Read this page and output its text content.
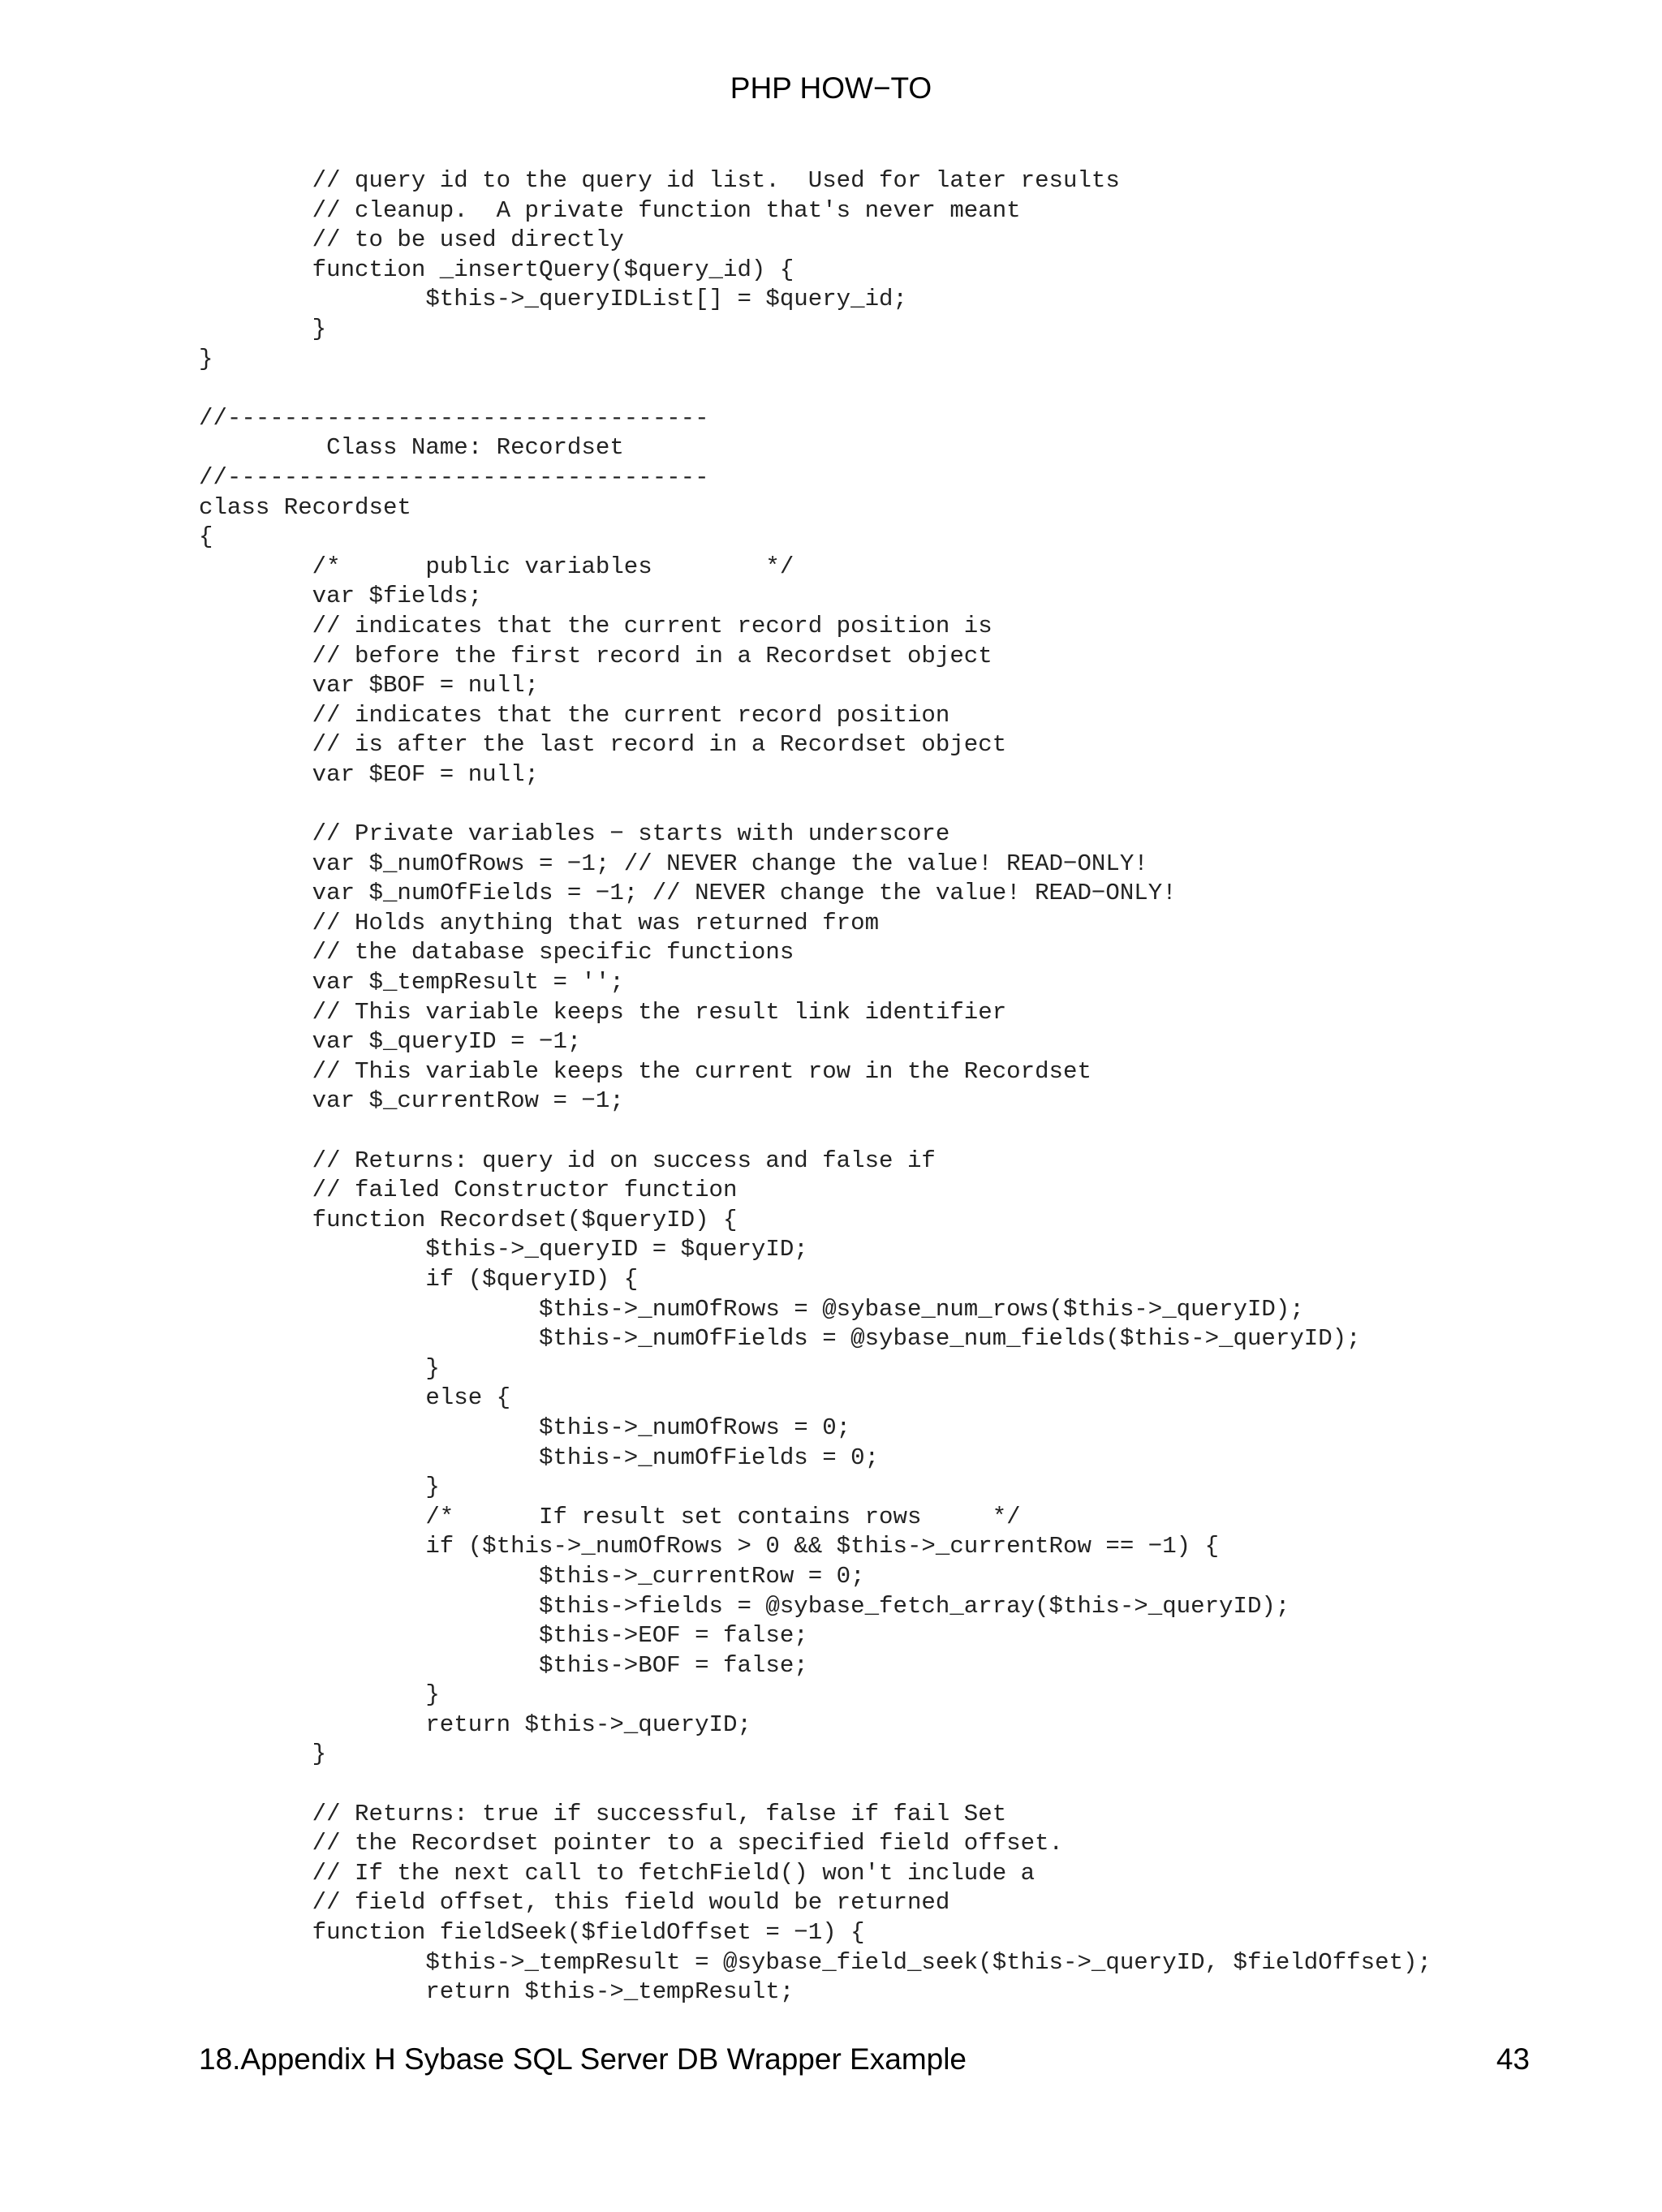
PHP HOW−TO
// query id to the query id list.  Used for later results
// cleanup.  A private function that's never meant
// to be used directly
function _insertQuery($query_id) {
$this->_queryIDList[] = $query_id;
}
}
//----------------------------------
Class Name: Recordset
//----------------------------------
class Recordset
{
/*      public variables        */
var $fields;
// indicates that the current record position is
// before the first record in a Recordset object
var $BOF = null;
// indicates that the current record position
// is after the last record in a Recordset object
var $EOF = null;
// Private variables − starts with underscore
var $_numOfRows = −1; // NEVER change the value! READ−ONLY!
var $_numOfFields = −1; // NEVER change the value! READ−ONLY!
// Holds anything that was returned from
// the database specific functions
var $_tempResult = '';
// This variable keeps the result link identifier
var $_queryID = −1;
// This variable keeps the current row in the Recordset
var $_currentRow = −1;
// Returns: query id on success and false if
// failed Constructor function
function Recordset($queryID) {
$this->_queryID = $queryID;
if ($queryID) {
$this->_numOfRows = @sybase_num_rows($this->_queryID);
$this->_numOfFields = @sybase_num_fields($this->_queryID);
}
else {
$this->_numOfRows = 0;
$this->_numOfFields = 0;
}
/*      If result set contains rows     */
if ($this->_numOfRows > 0 && $this->_currentRow == −1) {
$this->_currentRow = 0;
$this->fields = @sybase_fetch_array($this->_queryID);
$this->EOF = false;
$this->BOF = false;
}
return $this->_queryID;
}
// Returns: true if successful, false if fail Set
// the Recordset pointer to a specified field offset.
// If the next call to fetchField() won't include a
// field offset, this field would be returned
function fieldSeek($fieldOffset = −1) {
$this->_tempResult = @sybase_field_seek($this->_queryID, $fieldOffset);
return $this->_tempResult;
18.Appendix H Sybase SQL Server DB Wrapper Example	43
